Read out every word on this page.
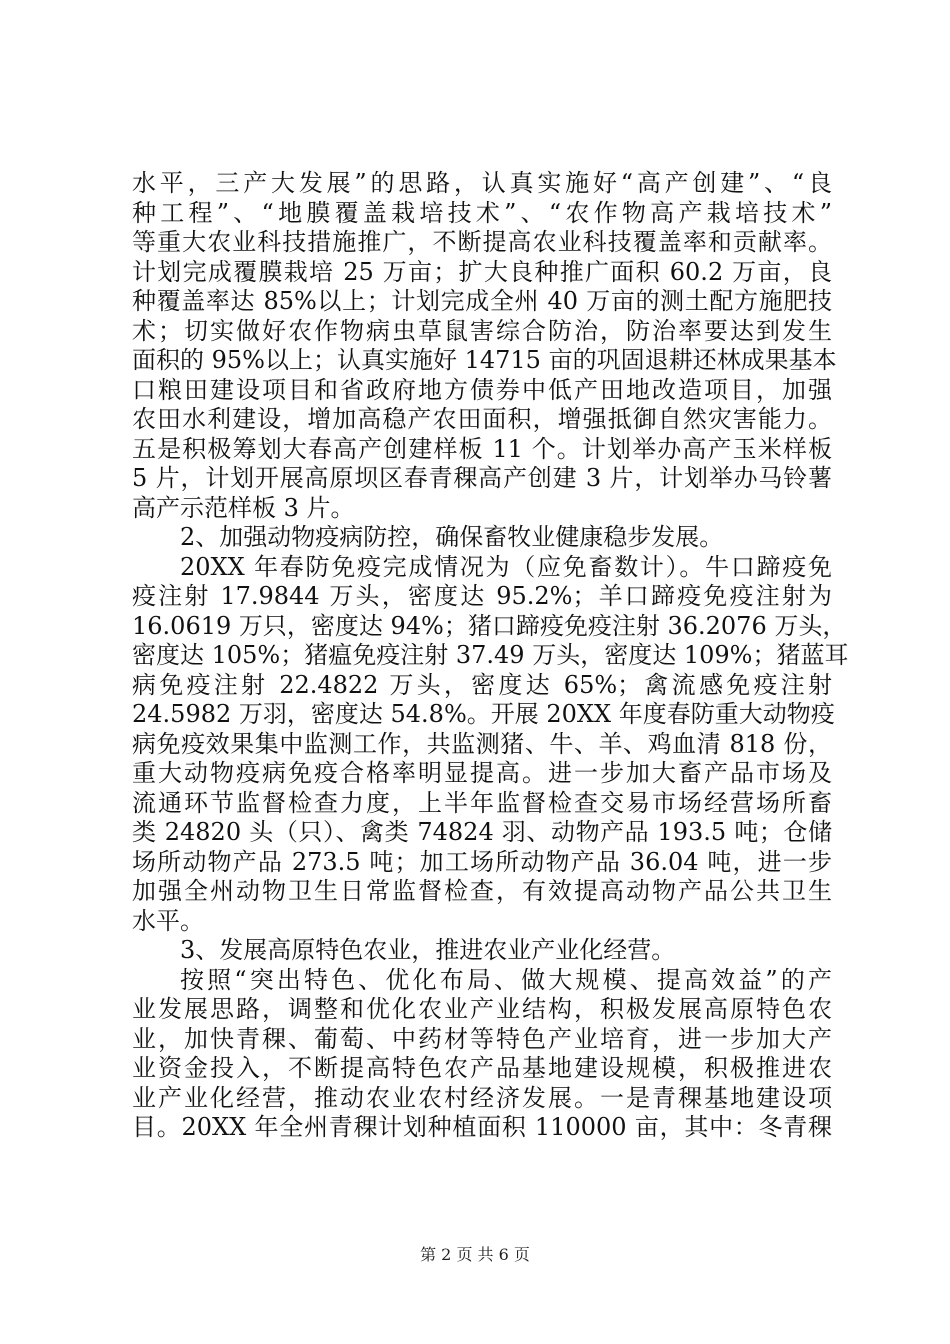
水平，三产大发展”的思路，认真实施好“高产创建”、“良
种工程”、“地膜覆盖栽培技术”、“农作物高产栽培技术”
等重大农业科技措施推广，不断提高农业科技覆盖率和贡献率。
计划完成覆膜栽培 25 万亩；扩大良种推广面积 60.2 万亩，良
种覆盖率达 85%以上；计划完成全州 40 万亩的测土配方施肥技
术；切实做好农作物病虫草鼠害综合防治，防治率要达到发生
面积的 95%以上；认真实施好 14715 亩的巩固退耕还林成果基本
口粮田建设项目和省政府地方债券中低产田地改造项目，加强
农田水利建设，增加高稳产农田面积，增强抵御自然灾害能力。
五是积极筹划大春高产创建样板 11 个。计划举办高产玉米样板
5 片，计划开展高原坝区春青稞高产创建 3 片，计划举办马铃薯
高产示范样板 3 片。
2、加强动物疫病防控，确保畜牧业健康稳步发展。
20XX 年春防免疫完成情况为（应免畜数计）。牛口蹄疫免
疫注射 17.9844 万头，密度达 95.2%；羊口蹄疫免疫注射为
16.0619 万只，密度达 94%；猪口蹄疫免疫注射 36.2076 万头，
密度达 105%；猪瘟免疫注射 37.49 万头，密度达 109%；猪蓝耳
病免疫注射 22.4822 万头，密度达 65%；禽流感免疫注射
24.5982 万羽，密度达 54.8%。开展 20XX 年度春防重大动物疫
病免疫效果集中监测工作，共监测猪、牛、羊、鸡血清 818 份，
重大动物疫病免疫合格率明显提高。进一步加大畜产品市场及
流通环节监督检查力度，上半年监督检查交易市场经营场所畜
类 24820 头（只）、禽类 74824 羽、动物产品 193.5 吨；仓储
场所动物产品 273.5 吨；加工场所动物产品 36.04 吨，进一步
加强全州动物卫生日常监督检查，有效提高动物产品公共卫生
水平。
3、发展高原特色农业，推进农业产业化经营。
按照“突出特色、优化布局、做大规模、提高效益”的产
业发展思路，调整和优化农业产业结构，积极发展高原特色农
业，加快青稞、葡萄、中药材等特色产业培育，进一步加大产
业资金投入，不断提高特色农产品基地建设规模，积极推进农
业产业化经营，推动农业农村经济发展。一是青稞基地建设项
目。20XX 年全州青稞计划种植面积 110000 亩，其中：冬青稞
第 2 页 共 6 页
